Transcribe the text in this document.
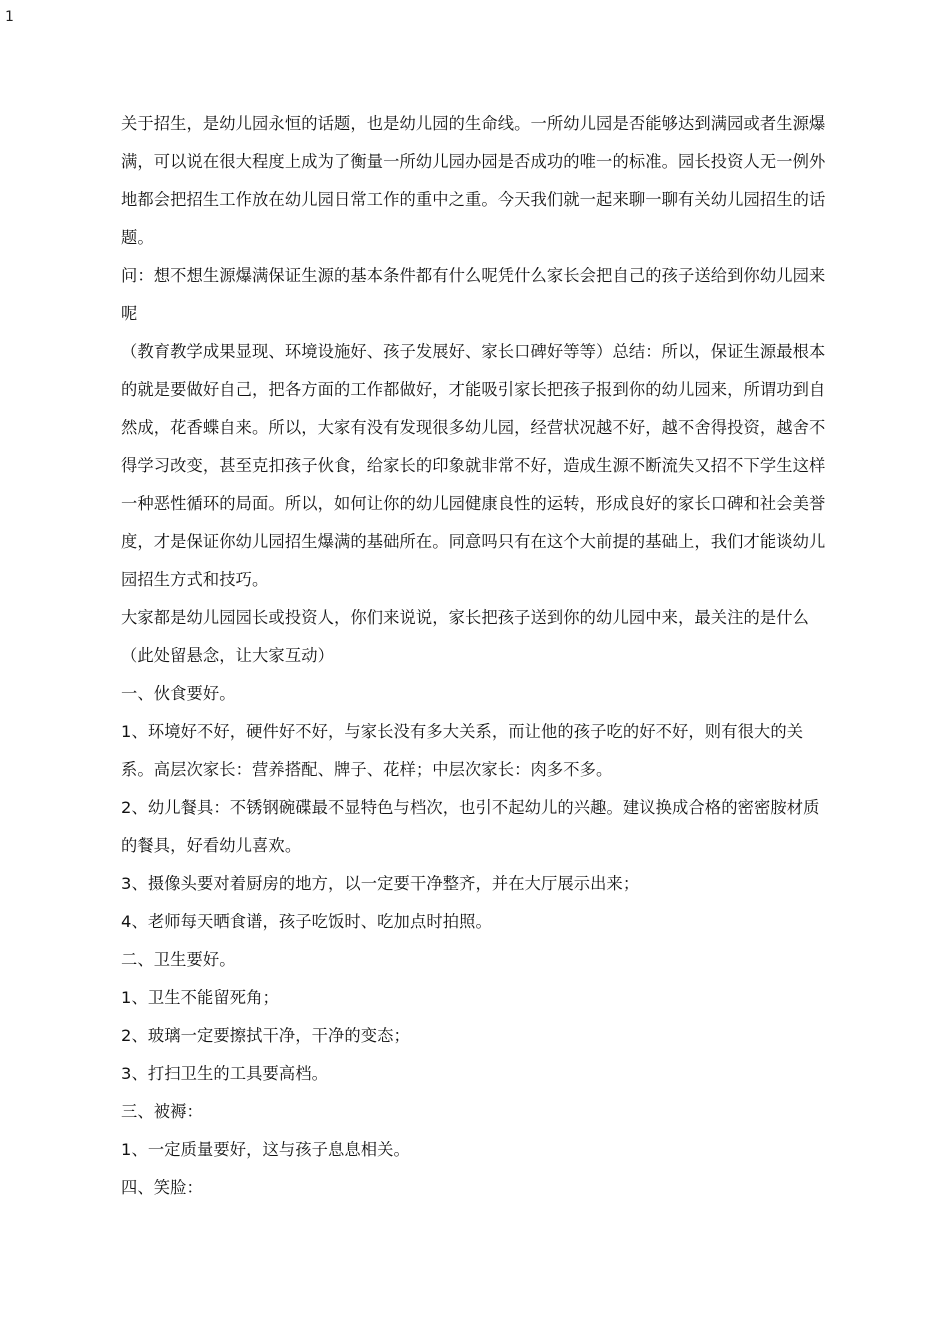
1

关于招生，是幼儿园永恒的话题，也是幼儿园的生命线。一所幼儿园是否能够达到满园或者生源爆满，可以说在很大程度上成为了衡量一所幼儿园办园是否成功的唯一的标准。园长投资人无一例外地都会把招生工作放在幼儿园日常工作的重中之重。今天我们就一起来聊一聊有关幼儿园招生的话题。

问：想不想生源爆满保证生源的基本条件都有什么呢凭什么家长会把自己的孩子送给到你幼儿园来呢

（教育教学成果显现、环境设施好、孩子发展好、家长口碑好等等）总结：所以，保证生源最根本的就是要做好自己，把各方面的工作都做好，才能吸引家长把孩子报到你的幼儿园来，所谓功到自然成，花香蝶自来。所以，大家有没有发现很多幼儿园，经营状况越不好，越不舍得投资，越舍不得学习改变，甚至克扣孩子伙食，给家长的印象就非常不好，造成生源不断流失又招不下学生这样一种恶性循环的局面。所以，如何让你的幼儿园健康良性的运转，形成良好的家长口碑和社会美誉度，才是保证你幼儿园招生爆满的基础所在。同意吗只有在这个大前提的基础上，我们才能谈幼儿园招生方式和技巧。

大家都是幼儿园园长或投资人，你们来说说，家长把孩子送到你的幼儿园中来，最关注的是什么（此处留悬念，让大家互动）

一、伙食要好。

1、环境好不好，硬件好不好，与家长没有多大关系，而让他的孩子吃的好不好，则有很大的关系。高层次家长：营养搭配、牌子、花样；中层次家长：肉多不多。

2、幼儿餐具：不锈钢碗碟最不显特色与档次，也引不起幼儿的兴趣。建议换成合格的密密胺材质的餐具，好看幼儿喜欢。

3、摄像头要对着厨房的地方，以一定要干净整齐，并在大厅展示出来；

4、老师每天晒食谱，孩子吃饭时、吃加点时拍照。

二、卫生要好。

1、卫生不能留死角；

2、玻璃一定要擦拭干净，干净的变态；

3、打扫卫生的工具要高档。

三、被褥：

1、一定质量要好，这与孩子息息相关。

四、笑脸：
